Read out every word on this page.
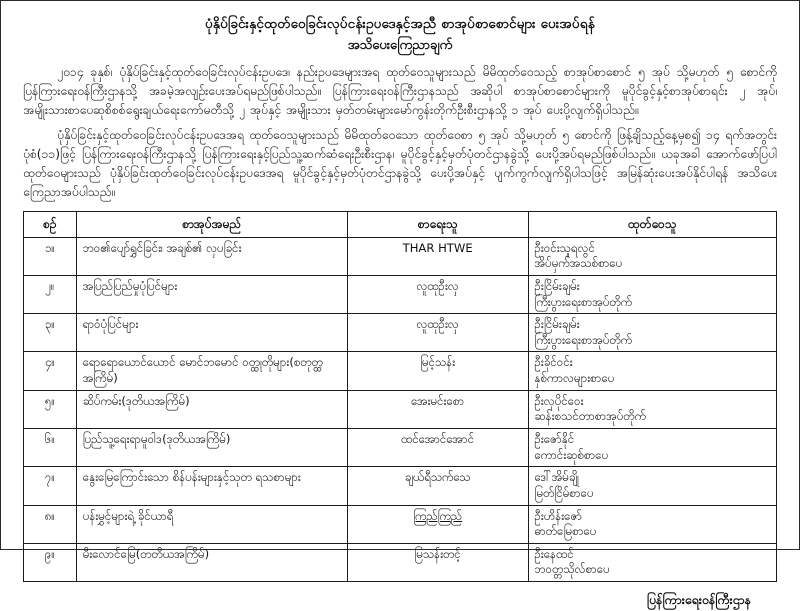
ပုံနှိပ်ခြင်းနှင့်ထုတ်ဝေခြင်းလုပ်ငန်းဥပဒေနှင့်အညီ စာအုပ်စာစောင်များ ပေးအပ်ရန်
အသိပေးကြေညာချက်
၂၀၁၄ ခုနှစ်၊ ပုံနှိပ်ခြင်းနှင့်ထုတ်ဝေခြင်းလုပ်ငန်းဥပဒေ၊ နည်းဥပဒေများအရ ထုတ်ဝေသူများသည် မိမိထုတ်ဝေသည့် စာအုပ်စာစောင် ၅ အုပ် သို့မဟုတ် ၅ စောင်ကို ပြန်ကြားရေးဝန်ကြီးဌာနသို့ အခမဲ့အလျဉ်းပေးအပ်ရမည်ဖြစ်ပါသည်။ ပြန်ကြားရေးဝန်ကြီးဌာနသည် အဆိုပါ စာအုပ်စာစောင်များကို မူပိုင်ခွင့်နှင့်စာအုပ်စာရင်း ၂ အုပ်၊ အမျိုးသားစာပေဆုစိစစ်ရွေးချယ်ရေးကော်မတီသို့ ၂ အုပ်နှင့် အမျိုးသား မှတ်တမ်းများမော်ကွန်းတိုက်ဦးစီးဌာနသို့ ၁ အုပ် ပေးပို့လျက်ရှိပါသည်။
ပုံနှိပ်ခြင်းနှင့်ထုတ်ဝေခြင်းလုပ်ငန်းဥပဒေအရ ထုတ်ဝေသူများသည် မိမိထုတ်ဝေသော ထုတ်ဝေစာ ၅ အုပ် သို့မဟုတ် ၅ စောင်ကို ဖြန့်ချိသည့်နေ့မှစ၍ ၁၄ ရက်အတွင်း ပုံစံ(၁၁)ဖြင့် ပြန်ကြားရေးဝန်ကြီးဌာနသို့ ပြန်ကြားရေးနှင့်ပြည်သူ့ဆက်ဆံရေးဦးစီးဌာန၊ မူပိုင်ခွင့်နှင့်မှတ်ပုံတင်ဌာနခွဲသို့ ပေးပို့အပ်ရမည်ဖြစ်ပါသည်။ ယခုအခါ အောက်ဖော်ပြပါထုတ်ဝေများသည် ပုံနှိပ်ခြင်းထုတ်ဝေခြင်းလုပ်ငန်းဥပဒေအရ မူပိုင်ခွင့်နှင့်မှတ်ပုံတင်ဌာနခွဲသို့ ပေးပို့အပ်နှင့် ပျက်ကွက်လျက်ရှိပါသဖြင့် အမြန်ဆုံးပေးအပ်နိုင်ပါရန် အသိပေးကြေညာအပ်ပါသည်။
စဉ်	စာအုပ်အမည်	စာရေးသူ	ထုတ်ဝေသူ
၁။	ဘဝ၏ပျော်ရွှင်ခြင်း၊ အချစ်၏ လှပခြင်း	THAR HTWE	ဦးဝင်းသူရလွင်
အိပ်မှက်အသစ်စာပေ

၂။	အပြည်ပြည်မှုပုံပြင်များ	လူထုဦးလှ	ဦးငြိမ်းချမ်း
ကြီးပွားရေးစာအုပ်တိုက်

၃။	ရာဝံပုံပြင်များ	လူထုဦးလှ	ဦးငြိမ်းချမ်း
ကြီးပွားရေးစာအုပ်တိုက်

၄။	ရောရောယောင်ယောင် မောင်ဘမောင် ဝတ္ထုတိုများ(စတုတ္ထအကြိမ်)	မြင့်သန်း	ဦးခိုင်ဝင်း
နှစ်ကာလများစာပေ

၅။	ဆိပ်ကမ်း(ဒုတိယအကြိမ်)	အေးမင်းစော	ဦးလှပိုင်ဝေး
ဆန်းစသင်တာစာအုပ်တိုက်

၆။	ပြည်သူ့ရေးရာမူဝါဒ(ဒုတိယအကြိမ်)	ထင်အောင်အောင်	ဦးဇော်နိုင်
ကောင်းဆုစ်စာပေ

၇။	နွေးမြေကြောင်းသော စိန်ပန်းများနှင့်သုတ ရသစာများ	ချယ်ရီသက်သေ	ဒေါ်အိမ်ချို
မြတ်ငြိမ်စာပေ

၈။	ပန်းမွှင့်များရဲ့ ခိုင်ယာရီ	ကြည်ကြည်	ဦးဟိန်းဇော်
ဓာတ်မြေစာပေ

၉။	မီးလောင်မြေ(တတိယအကြိမ်)	မြသန်းတင့်	ဦးနေထင်
ဘဝတ္တသိုလ်စာပေ
ပြန်ကြားရေးဝန်ကြီးဌာန
